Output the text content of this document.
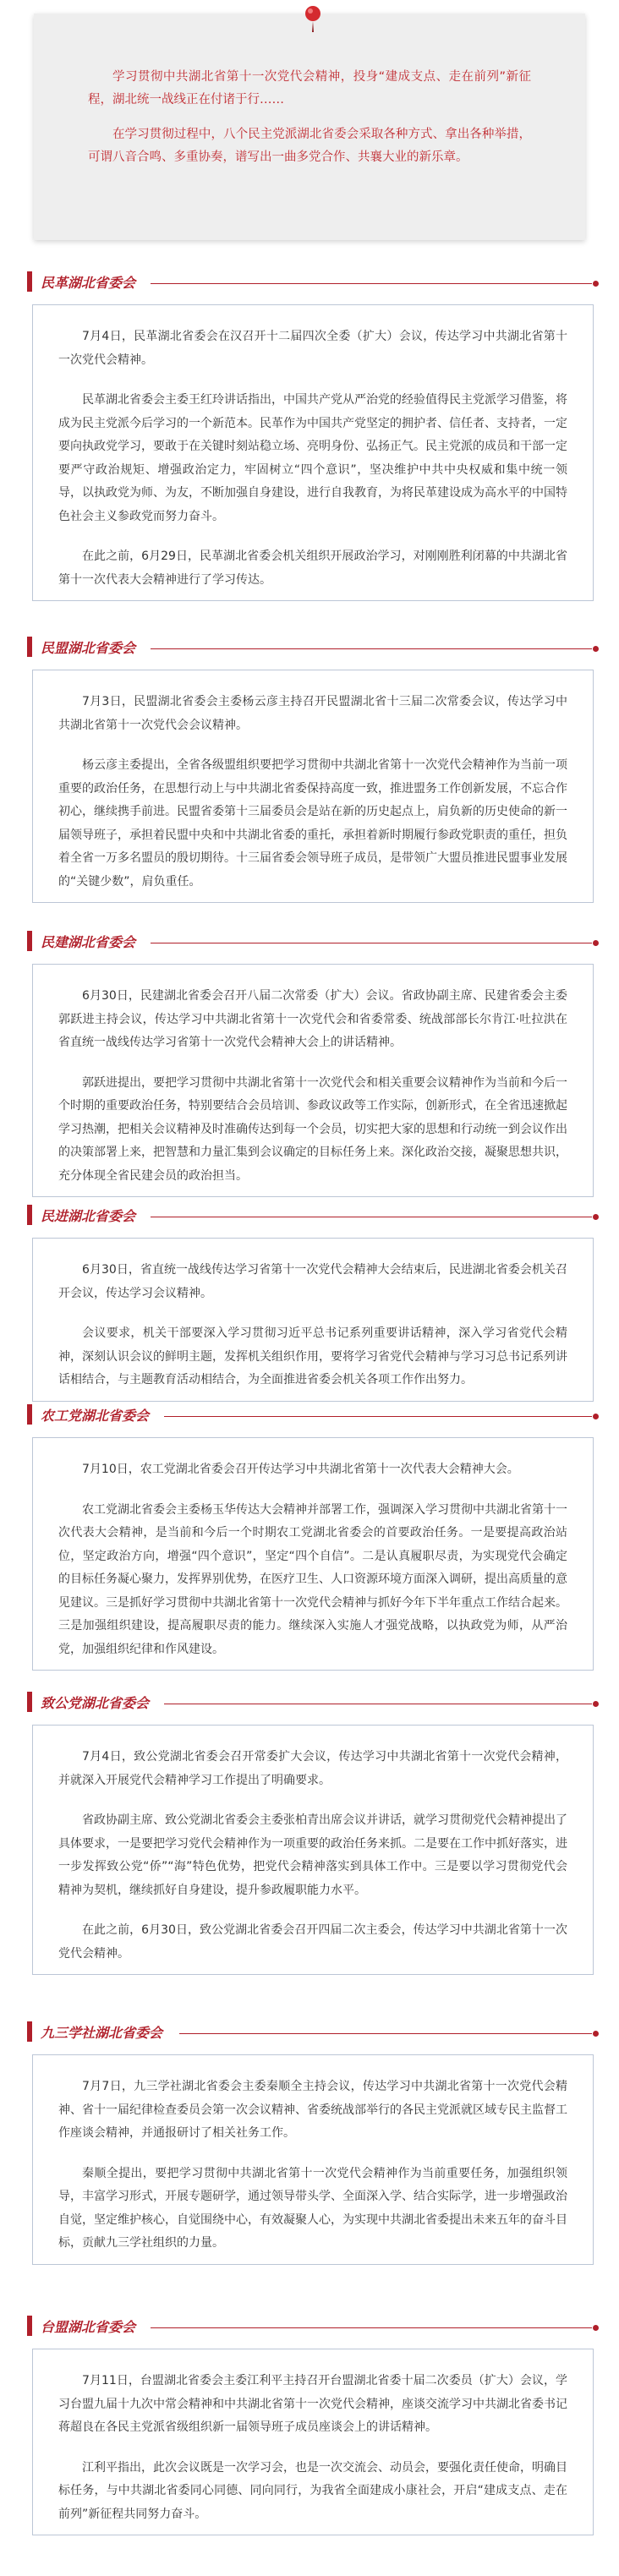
学习贯彻中共湖北省第十一次党代会精神，投身“建成支点、走在前列”新征程，湖北统一战线正在付诸于行……

在学习贯彻过程中，八个民主党派湖北省委会采取各种方式、拿出各种举措，可谓八音合鸣、多重协奏，谱写出一曲多党合作、共襄大业的新乐章。

民革湖北省委会

7月4日，民革湖北省委会在汉召开十二届四次全委（扩大）会议，传达学习中共湖北省第十一次党代会精神。

民革湖北省委会主委王红玲讲话指出，中国共产党从严治党的经验值得民主党派学习借鉴，将成为民主党派今后学习的一个新范本。民革作为中国共产党坚定的拥护者、信任者、支持者，一定要向执政党学习，要敢于在关键时刻站稳立场、亮明身份、弘扬正气。民主党派的成员和干部一定要严守政治规矩、增强政治定力，牢固树立“四个意识”，坚决维护中共中央权威和集中统一领导，以执政党为师、为友，不断加强自身建设，进行自我教育，为将民革建设成为高水平的中国特色社会主义参政党而努力奋斗。

在此之前，6月29日，民革湖北省委会机关组织开展政治学习，对刚刚胜利闭幕的中共湖北省第十一次代表大会精神进行了学习传达。

民盟湖北省委会

7月3日，民盟湖北省委会主委杨云彦主持召开民盟湖北省十三届二次常委会议，传达学习中共湖北省第十一次党代会会议精神。

杨云彦主委提出，全省各级盟组织要把学习贯彻中共湖北省第十一次党代会精神作为当前一项重要的政治任务，在思想行动上与中共湖北省委保持高度一致，推进盟务工作创新发展，不忘合作初心，继续携手前进。民盟省委第十三届委员会是站在新的历史起点上，肩负新的历史使命的新一届领导班子，承担着民盟中央和中共湖北省委的重托，承担着新时期履行参政党职责的重任，担负着全省一万多名盟员的殷切期待。十三届省委会领导班子成员，是带领广大盟员推进民盟事业发展的“关键少数”，肩负重任。

民建湖北省委会

6月30日，民建湖北省委会召开八届二次常委（扩大）会议。省政协副主席、民建省委会主委郭跃进主持会议，传达学习中共湖北省第十一次党代会和省委常委、统战部部长尔肯江·吐拉洪在省直统一战线传达学习省第十一次党代会精神大会上的讲话精神。

郭跃进提出，要把学习贯彻中共湖北省第十一次党代会和相关重要会议精神作为当前和今后一个时期的重要政治任务，特别要结合会员培训、参政议政等工作实际，创新形式，在全省迅速掀起学习热潮，把相关会议精神及时准确传达到每一个会员，切实把大家的思想和行动统一到会议作出的决策部署上来，把智慧和力量汇集到会议确定的目标任务上来。深化政治交接，凝聚思想共识，充分体现全省民建会员的政治担当。

民进湖北省委会

6月30日，省直统一战线传达学习省第十一次党代会精神大会结束后，民进湖北省委会机关召开会议，传达学习会议精神。

会议要求，机关干部要深入学习贯彻习近平总书记系列重要讲话精神，深入学习省党代会精神，深刻认识会议的鲜明主题，发挥机关组织作用，要将学习省党代会精神与学习习总书记系列讲话相结合，与主题教育活动相结合，为全面推进省委会机关各项工作作出努力。

农工党湖北省委会

7月10日，农工党湖北省委会召开传达学习中共湖北省第十一次代表大会精神大会。

农工党湖北省委会主委杨玉华传达大会精神并部署工作，强调深入学习贯彻中共湖北省第十一次代表大会精神，是当前和今后一个时期农工党湖北省委会的首要政治任务。一是要提高政治站位，坚定政治方向，增强“四个意识”，坚定“四个自信”。二是认真履职尽责，为实现党代会确定的目标任务凝心聚力，发挥界别优势，在医疗卫生、人口资源环境方面深入调研，提出高质量的意见建议。三是抓好学习贯彻中共湖北省第十一次党代会精神与抓好今年下半年重点工作结合起来。三是加强组织建设，提高履职尽责的能力。继续深入实施人才强党战略，以执政党为师，从严治党，加强组织纪律和作风建设。

致公党湖北省委会

7月4日，致公党湖北省委会召开常委扩大会议，传达学习中共湖北省第十一次党代会精神，并就深入开展党代会精神学习工作提出了明确要求。

省政协副主席、致公党湖北省委会主委张柏青出席会议并讲话，就学习贯彻党代会精神提出了具体要求，一是要把学习党代会精神作为一项重要的政治任务来抓。二是要在工作中抓好落实，进一步发挥致公党“侨”“海”特色优势，把党代会精神落实到具体工作中。三是要以学习贯彻党代会精神为契机，继续抓好自身建设，提升参政履职能力水平。

在此之前，6月30日，致公党湖北省委会召开四届二次主委会，传达学习中共湖北省第十一次党代会精神。

九三学社湖北省委会

7月7日，九三学社湖北省委会主委秦顺全主持会议，传达学习中共湖北省第十一次党代会精神、省十一届纪律检查委员会第一次会议精神、省委统战部举行的各民主党派就区域专民主监督工作座谈会精神，并通报研讨了相关社务工作。

秦顺全提出，要把学习贯彻中共湖北省第十一次党代会精神作为当前重要任务，加强组织领导，丰富学习形式，开展专题研学，通过领导带头学、全面深入学、结合实际学，进一步增强政治自觉，坚定维护核心，自觉围绕中心，有效凝聚人心，为实现中共湖北省委提出未来五年的奋斗目标，贡献九三学社组织的力量。

台盟湖北省委会

7月11日，台盟湖北省委会主委江利平主持召开台盟湖北省委十届二次委员（扩大）会议，学习台盟九届十九次中常会精神和中共湖北省第十一次党代会精神，座谈交流学习中共湖北省委书记蒋超良在各民主党派省级组织新一届领导班子成员座谈会上的讲话精神。

江利平指出，此次会议既是一次学习会，也是一次交流会、动员会，要强化责任使命，明确目标任务，与中共湖北省委同心同德、同向同行，为我省全面建成小康社会，开启“建成支点、走在前列”新征程共同努力奋斗。
